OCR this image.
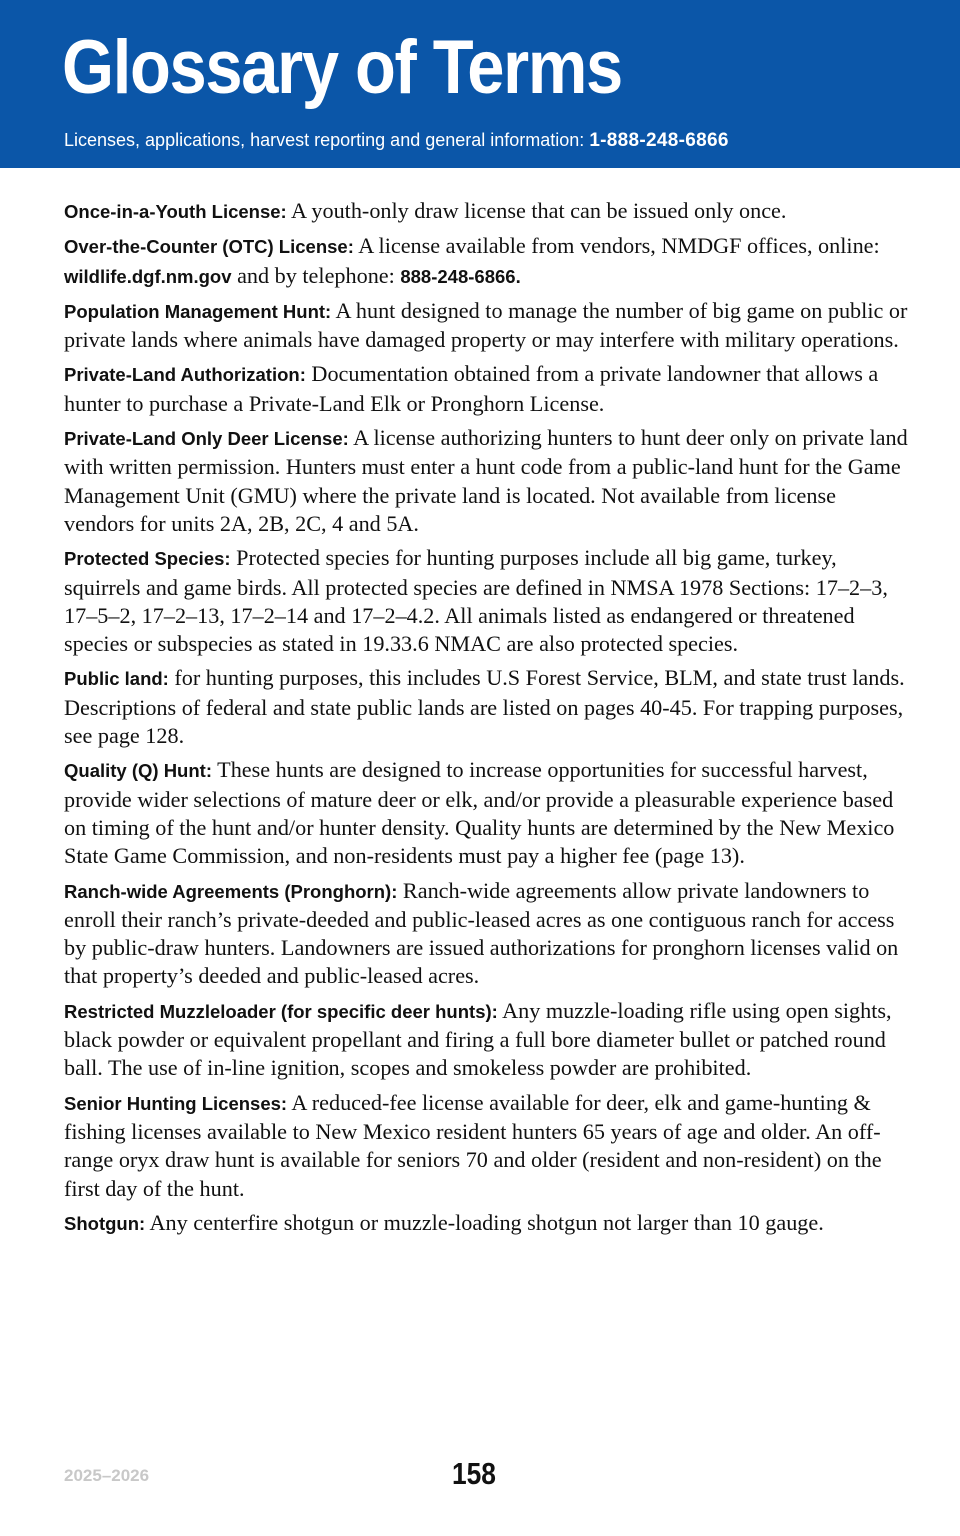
Glossary of Terms
Licenses, applications, harvest reporting and general information: 1-888-248-6866

Once-in-a-Youth License: A youth-only draw license that can be issued only once.

Over-the-Counter (OTC) License: A license available from vendors, NMDGF offices, online: wildlife.dgf.nm.gov and by telephone: 888-248-6866.

Population Management Hunt: A hunt designed to manage the number of big game on public or private lands where animals have damaged property or may interfere with military operations.

Private-Land Authorization: Documentation obtained from a private landowner that allows a hunter to purchase a Private-Land Elk or Pronghorn License.

Private-Land Only Deer License: A license authorizing hunters to hunt deer only on private land with written permission. Hunters must enter a hunt code from a public-land hunt for the Game Management Unit (GMU) where the private land is located. Not available from license vendors for units 2A, 2B, 2C, 4 and 5A.

Protected Species: Protected species for hunting purposes include all big game, turkey, squirrels and game birds. All protected species are defined in NMSA 1978 Sections: 17–2–3, 17–5–2, 17–2–13, 17–2–14 and 17–2–4.2. All animals listed as endangered or threatened species or subspecies as stated in 19.33.6 NMAC are also protected species.

Public land: for hunting purposes, this includes U.S Forest Service, BLM, and state trust lands. Descriptions of federal and state public lands are listed on pages 40-45. For trapping purposes, see page 128.

Quality (Q) Hunt: These hunts are designed to increase opportunities for successful harvest, provide wider selections of mature deer or elk, and/or provide a pleasurable experience based on timing of the hunt and/or hunter density. Quality hunts are determined by the New Mexico State Game Commission, and non-residents must pay a higher fee (page 13).

Ranch-wide Agreements (Pronghorn): Ranch-wide agreements allow private landowners to enroll their ranch’s private-deeded and public-leased acres as one contiguous ranch for access by public-draw hunters. Landowners are issued authorizations for pronghorn licenses valid on that property’s deeded and public-leased acres.

Restricted Muzzleloader (for specific deer hunts): Any muzzle-loading rifle using open sights, black powder or equivalent propellant and firing a full bore diameter bullet or patched round ball. The use of in-line ignition, scopes and smokeless powder are prohibited.

Senior Hunting Licenses: A reduced-fee license available for deer, elk and game-hunting & fishing licenses available to New Mexico resident hunters 65 years of age and older. An off-range oryx draw hunt is available for seniors 70 and older (resident and non-resident) on the first day of the hunt.

Shotgun: Any centerfire shotgun or muzzle-loading shotgun not larger than 10 gauge.

2025–2026	158
